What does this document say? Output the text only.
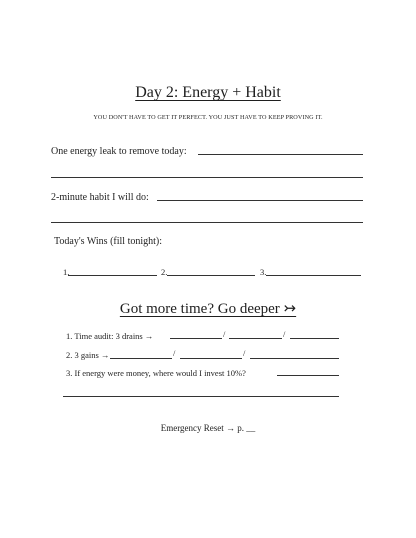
Day 2: Energy + Habit
YOU DON'T HAVE TO GET IT PERFECT. YOU JUST HAVE TO KEEP PROVING IT.
One energy leak to remove today:
2-minute habit I will do:
Today's Wins (fill tonight):
1.	2.	3.
Got more time? Go deeper ↣
1. Time audit: 3 drains →	/	/
2. 3 gains →	/	/
3. If energy were money, where would I invest 10%?
Emergency Reset → p. __
